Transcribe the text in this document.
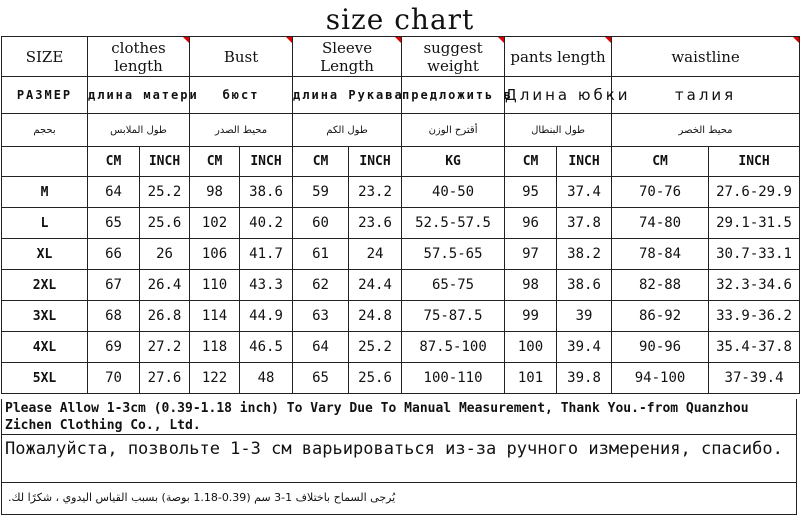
size chart
SIZE	clothes length		Bust		Sleeve Length		suggest weight	pants length		waistline	
РАЗМЕР	длина матери		бюст		длина Рукава		предложить в	Длина юбки		талия	
بحجم	طول الملابس		محيط الصدر		طول الكم		أقترح الوزن	طول البنطال		محيط الخصر	
	CM	INCH	CM	INCH	CM	INCH	KG	CM	INCH	CM	INCH
M	64	25.2	98	38.6	59	23.2	40-50	95	37.4	70-76	27.6-29.9
L	65	25.6	102	40.2	60	23.6	52.5-57.5	96	37.8	74-80	29.1-31.5
XL	66	26	106	41.7	61	24	57.5-65	97	38.2	78-84	30.7-33.1
2XL	67	26.4	110	43.3	62	24.4	65-75	98	38.6	82-88	32.3-34.6
3XL	68	26.8	114	44.9	63	24.8	75-87.5	99	39	86-92	33.9-36.2
4XL	69	27.2	118	46.5	64	25.2	87.5-100	100	39.4	90-96	35.4-37.8
5XL	70	27.6	122	48	65	25.6	100-110	101	39.8	94-100	37-39.4
Please Allow 1-3cm (0.39-1.18 inch) To Vary Due To Manual Measurement, Thank You.-from Quanzhou Zichen Clothing Co., Ltd.
Пожалуйста, позвольте 1-3 см варьироваться из-за ручного измерения, спасибо.
يُرجى السماح باختلاف 1-3 سم (0.39-1.18 بوصة) بسبب القياس اليدوي ، شكرًا لك.
